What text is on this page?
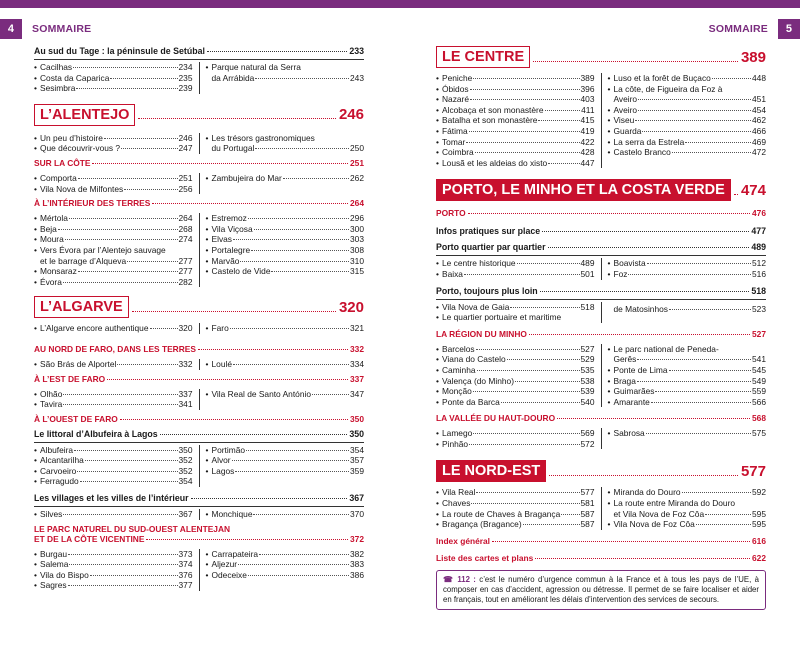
4 SOMMAIRE	SOMMAIRE 5
Au sud du Tage : la péninsule de Setúbal	233
• Cacilhas	234
• Costa da Caparica	235
• Sesimbra	239
• Parque natural da Serra
da Arrábida	243
L’ALENTEJO	246
• Un peu d’histoire	246
• Que découvrir-vous ?	247
• Les trésors gastronomiques
du Portugal	250
SUR LA CÔTE	251
• Comporta	251
• Vila Nova de Milfontes	256
• Zambujeira do Mar	262
À L’INTÉRIEUR DES TERRES	264
• Mértola	264
• Beja	268
• Moura	274
• Vers Évora par l’Alentejo sauvage
et le barrage d’Alqueva	277
• Monsaraz	277
• Évora	282
• Estremoz	296
• Vila Viçosa	300
• Elvas	303
• Portalegre	308
• Marvão	310
• Castelo de Vide	315
L’ALGARVE	320
• L’Algarve encore authentique	320 • Faro	321
AU NORD DE FARO, DANS LES TERRES	332
• São Brás de Alportel	332 • Loulé	334
À L’EST DE FARO	337
• Olhão	337
• Tavira	341
• Vila Real de Santo António	347
À L’OUEST DE FARO	350
Le littoral d’Albufeira à Lagos	350
• Albufeira	350
• Alcantarilha	352
• Carvoeiro	352
• Ferragudo	354
• Portimão	354
• Alvor	357
• Lagos	359
Les villages et les villes de l’intérieur	367
• Silves	367 • Monchique	370
LE PARC NATUREL DU SUD-OUEST ALENTEJAN
ET DE LA CÔTE VICENTINE	372
• Burgau	373
• Salema	374
• Vila do Bispo	376
• Sagres	377
• Carrapateira	382
• Aljezur	383
• Odeceixe	386
LE CENTRE	389
• Peniche	389
• Óbidos	396
• Nazaré	403
• Alcobaça et son monastère	411
• Batalha et son monastère	415
• Fátima	419
• Tomar	422
• Coimbra	428
• Lousã et les aldeias do xisto	447
• Luso et la forêt de Buçaco	448
• La côte, de Figueira da Foz à
Aveiro	451
• Aveiro	454
• Viseu	462
• Guarda	466
• La serra da Estrela	469
• Castelo Branco	472
PORTO, LE MINHO ET LA COSTA VERDE	474
PORTO	476
Infos pratiques sur place	477
Porto quartier par quartier	489
• Le centre historique	489
• Baixa	501
• Boavista	512
• Foz	516
Porto, toujours plus loin	518
• Vila Nova de Gaia	518
• Le quartier portuaire et maritime
de Matosinhos	523
LA RÉGION DU MINHO	527
• Barcelos	527
• Viana do Castelo	529
• Caminha	535
• Valença (do Minho)	538
• Monção	539
• Ponte da Barca	540
• Le parc national de Peneda-
Gerês	541
• Ponte de Lima	545
• Braga	549
• Guimarães	559
• Amarante	566
LA VALLÉE DU HAUT-DOURO	568
• Lamego	569
• Pinhão	572
• Sabrosa	575
LE NORD-EST	577
• Vila Real	577
• Chaves	581
• La route de Chaves à Bragança 587
• Bragança (Bragance)	587
• Miranda do Douro	592
• La route entre Miranda do Douro
et Vila Nova de Foz Côa	595
• Vila Nova de Foz Côa	595
Index général	616
Liste des cartes et plans	622
☎ 112 : c’est le numéro d’urgence commun à la France et à tous les pays de l’UE, à composer en cas d’accident, agression ou détresse. Il permet de se faire localiser et aider en français, tout en améliorant les délais d’intervention des services de secours.
